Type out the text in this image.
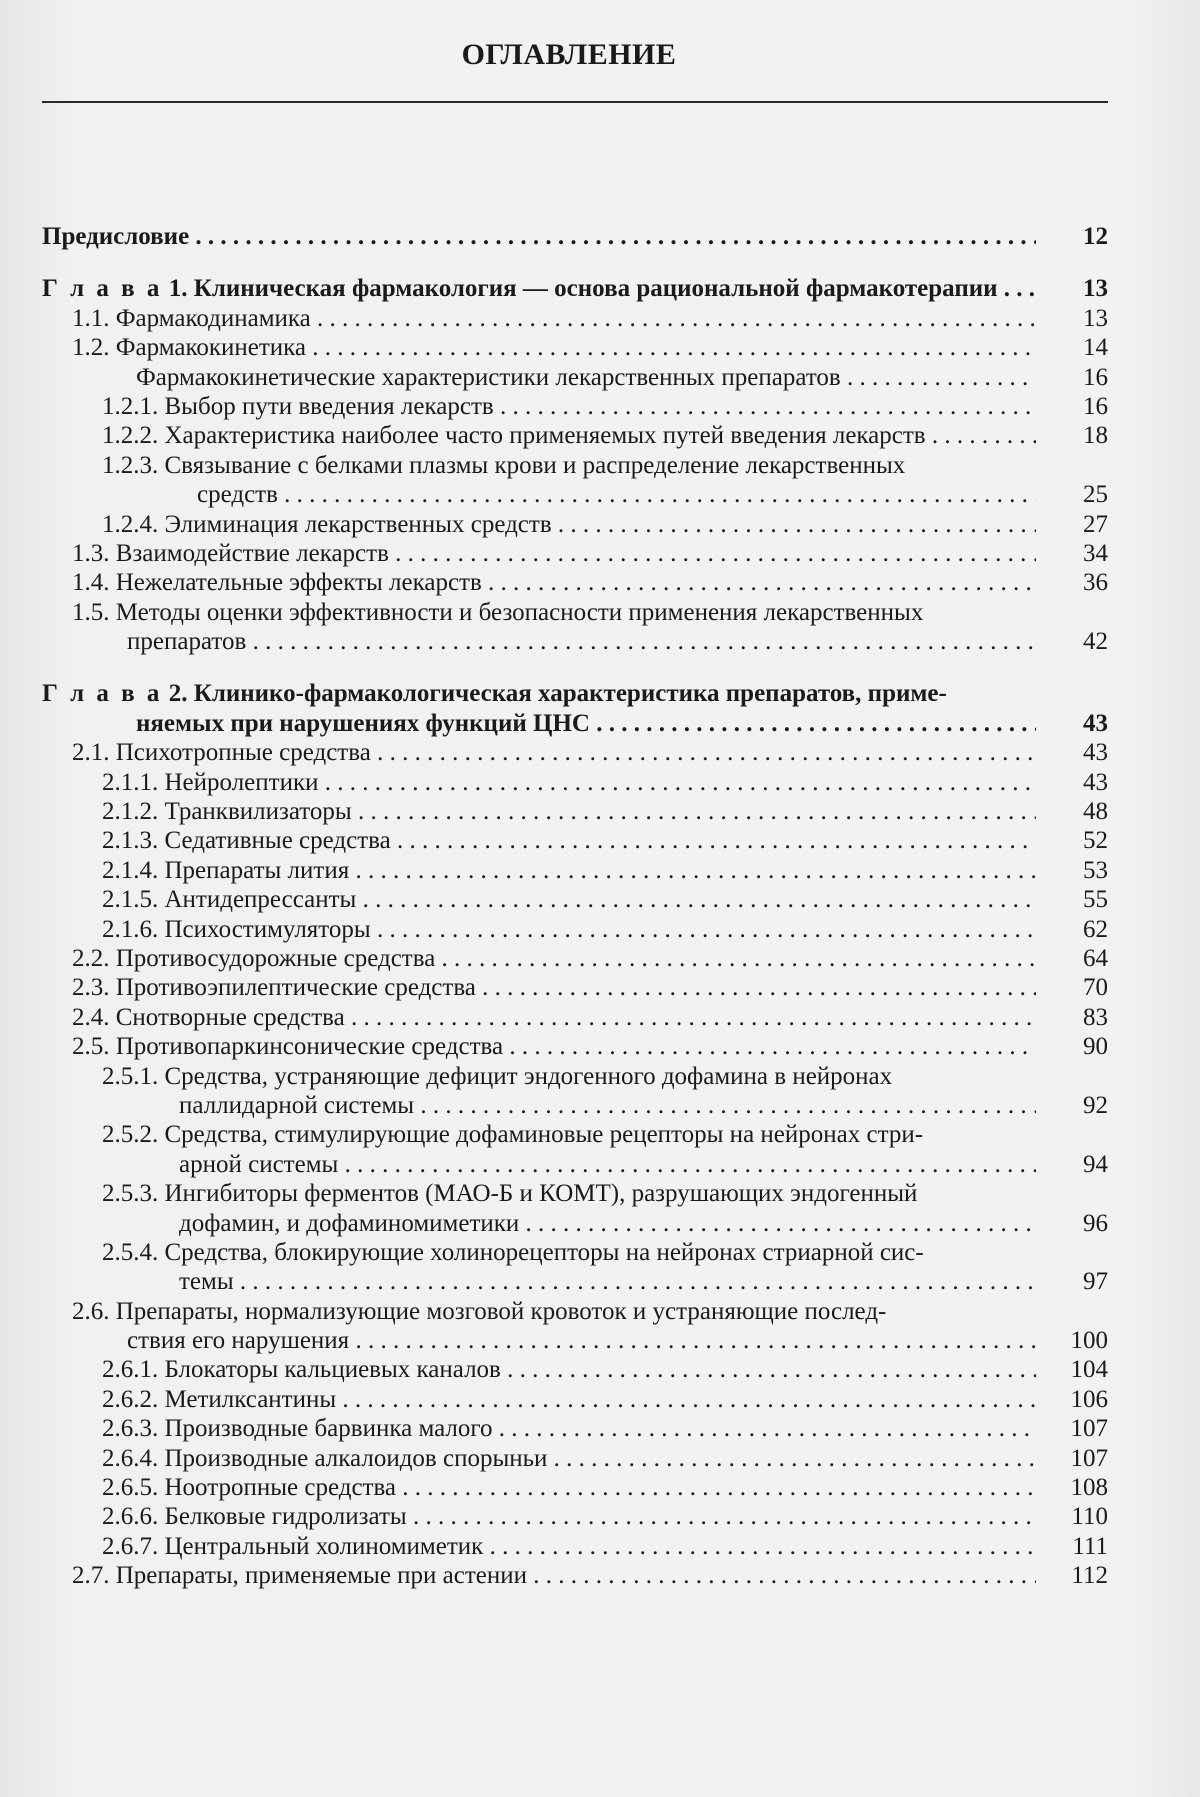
ОГЛАВЛЕНИЕ
Предисловие . . .	12
Г л а в а 1. Клиническая фармакология — основа рациональной фармакотерапии . . .	13
1.1. Фармакодинамика . . .	13
1.2. Фармакокинетика . . .	14
Фармакокинетические характеристики лекарственных препаратов . . .	16
1.2.1. Выбор пути введения лекарств . . .	16
1.2.2. Характеристика наиболее часто применяемых путей введения лекарств . . .	18
1.2.3. Связывание с белками плазмы крови и распределение лекарственных
средств . . .	25
1.2.4. Элиминация лекарственных средств . . .	27
1.3. Взаимодействие лекарств . . .	34
1.4. Нежелательные эффекты лекарств . . .	36
1.5. Методы оценки эффективности и безопасности применения лекарственных
препаратов . . .	42
Г л а в а 2. Клинико-фармакологическая характеристика препаратов, приме-
няемых при нарушениях функций ЦНС . . .	43
2.1. Психотропные средства . . .	43
2.1.1. Нейролептики . . .	43
2.1.2. Транквилизаторы . . .	48
2.1.3. Седативные средства . . .	52
2.1.4. Препараты лития . . .	53
2.1.5. Антидепрессанты . . .	55
2.1.6. Психостимуляторы . . .	62
2.2. Противосудорожные средства . . .	64
2.3. Противоэпилептические средства . . .	70
2.4. Снотворные средства . . .	83
2.5. Противопаркинсонические средства . . .	90
2.5.1. Средства, устраняющие дефицит эндогенного дофамина в нейронах
паллидарной системы . . .	92
2.5.2. Средства, стимулирующие дофаминовые рецепторы на нейронах стри-
арной системы . . .	94
2.5.3. Ингибиторы ферментов (МАО-Б и КОМТ), разрушающих эндогенный
дофамин, и дофаминомиметики . . .	96
2.5.4. Средства, блокирующие холинорецепторы на нейронах стриарной сис-
темы . . .	97
2.6. Препараты, нормализующие мозговой кровоток и устраняющие послед-
ствия его нарушения . . .	100
2.6.1. Блокаторы кальциевых каналов . . .	104
2.6.2. Метилксантины . . .	106
2.6.3. Производные барвинка малого . . .	107
2.6.4. Производные алкалоидов спорыньи . . .	107
2.6.5. Ноотропные средства . . .	108
2.6.6. Белковые гидролизаты . . .	110
2.6.7. Центральный холиномиметик . . .	111
2.7. Препараты, применяемые при астении . . .	112
